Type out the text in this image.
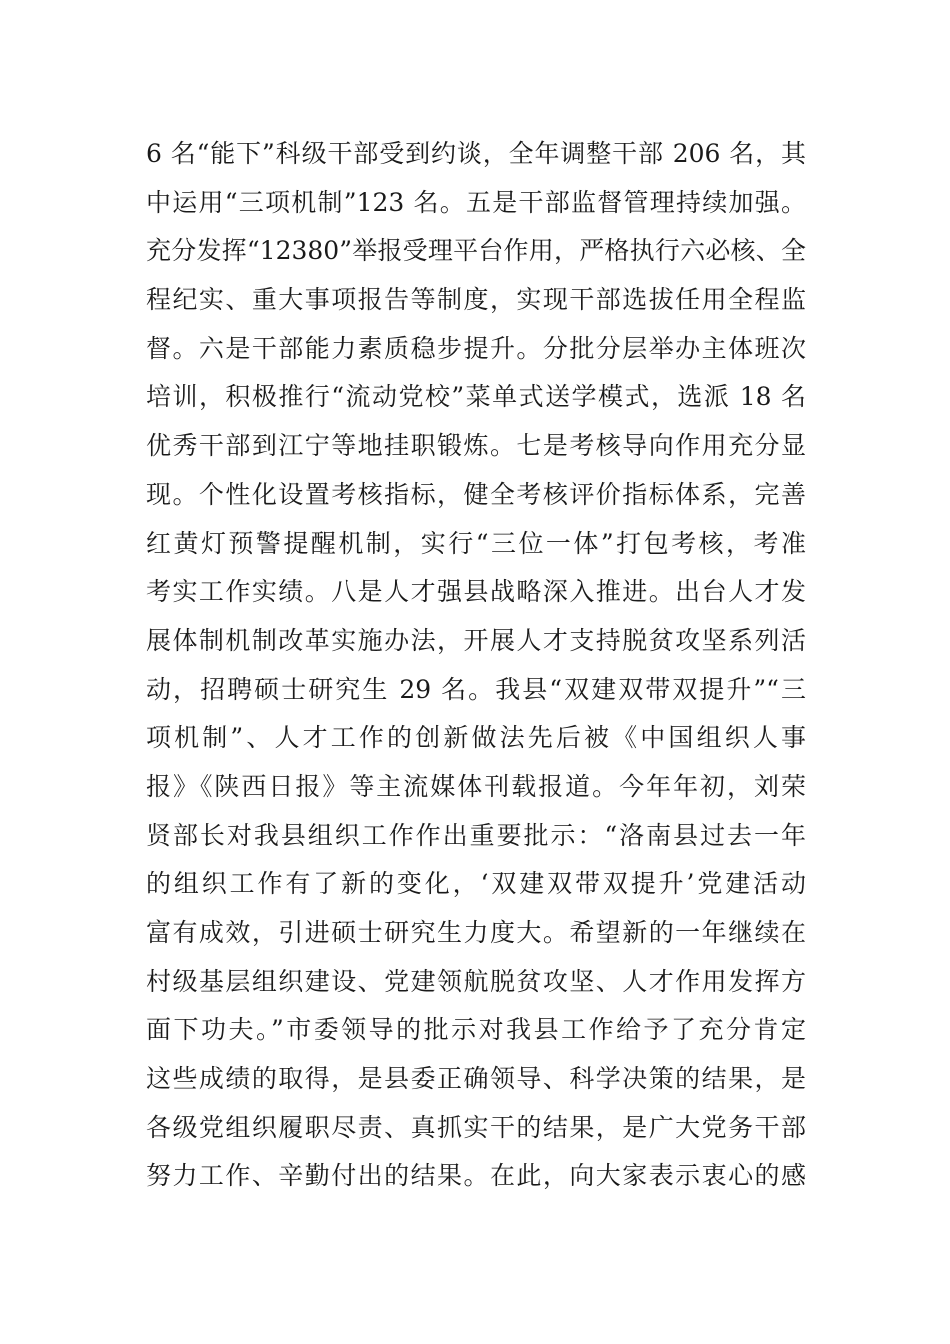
6 名“能下”科级干部受到约谈，全年调整干部 206 名，其
中运用“三项机制”123 名。五是干部监督管理持续加强。
充分发挥“12380”举报受理平台作用，严格执行六必核、全
程纪实、重大事项报告等制度，实现干部选拔任用全程监
督。六是干部能力素质稳步提升。分批分层举办主体班次
培训，积极推行“流动党校”菜单式送学模式，选派 18 名
优秀干部到江宁等地挂职锻炼。七是考核导向作用充分显
现。个性化设置考核指标，健全考核评价指标体系，完善
红黄灯预警提醒机制，实行“三位一体”打包考核，考准
考实工作实绩。八是人才强县战略深入推进。出台人才发
展体制机制改革实施办法，开展人才支持脱贫攻坚系列活
动，招聘硕士研究生 29 名。我县“双建双带双提升”“三
项机制”、人才工作的创新做法先后被《中国组织人事
报》《陕西日报》等主流媒体刊载报道。今年年初，刘荣
贤部长对我县组织工作作出重要批示：“洛南县过去一年
的组织工作有了新的变化，‘双建双带双提升’党建活动
富有成效，引进硕士研究生力度大。希望新的一年继续在
村级基层组织建设、党建领航脱贫攻坚、人才作用发挥方
面下功夫。”市委领导的批示对我县工作给予了充分肯定
这些成绩的取得，是县委正确领导、科学决策的结果，是
各级党组织履职尽责、真抓实干的结果，是广大党务干部
努力工作、辛勤付出的结果。在此，向大家表示衷心的感
